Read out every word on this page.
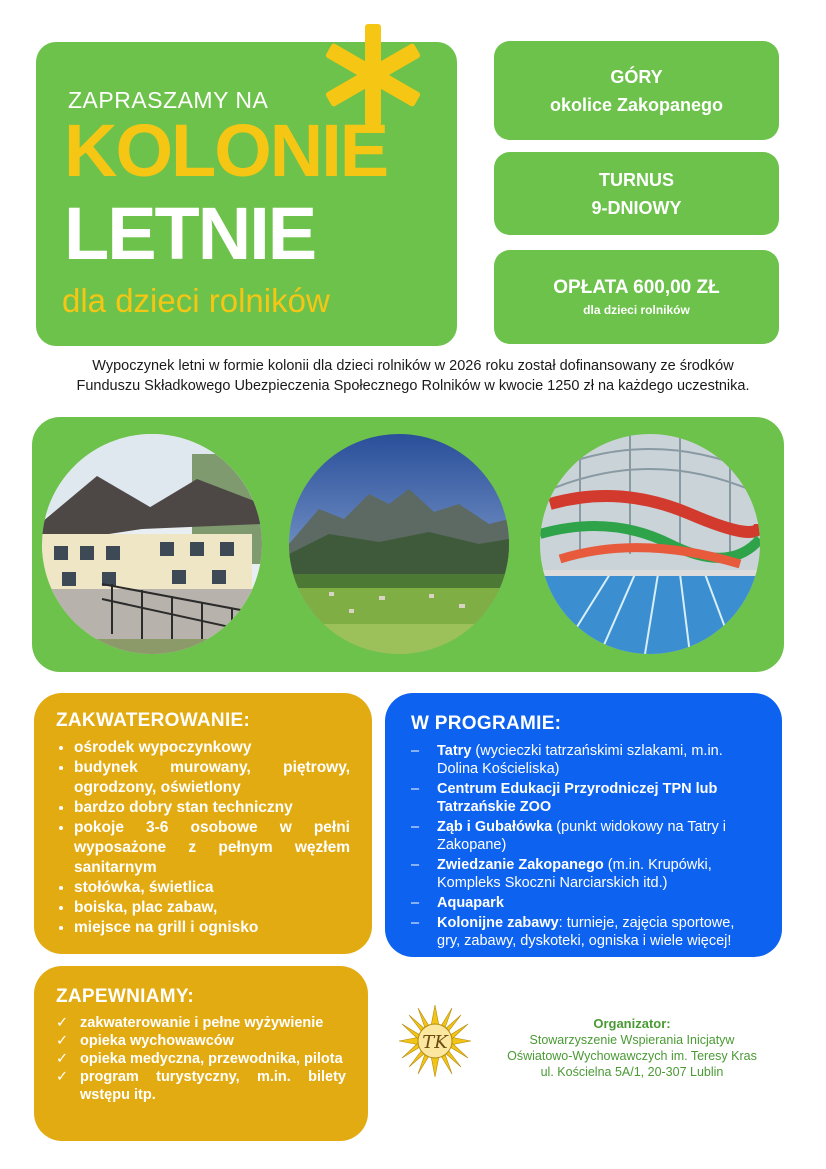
ZAPRASZAMY NA
KOLONIE
LETNIE
dla dzieci rolników
GÓRY
okolice Zakopanego
TURNUS
9-DNIOWY
OPŁATA 600,00 ZŁ
dla dzieci rolników
Wypoczynek letni w formie kolonii dla dzieci rolników w 2026 roku został dofinansowany ze środków
Funduszu Składkowego Ubezpieczenia Społecznego Rolników w kwocie 1250 zł na każdego uczestnika.
ZAKWATEROWANIE:
• ośrodek wypoczynkowy
• budynek murowany, piętrowy, ogrodzony, oświetlony
• bardzo dobry stan techniczny
• pokoje 3-6 osobowe w pełni wyposażone z pełnym węzłem sanitarnym
• stołówka, świetlica
• boiska, plac zabaw,
• miejsce na grill i ognisko
W PROGRAMIE:
– Tatry (wycieczki tatrzańskimi szlakami, m.in. Dolina Kościeliska)
– Centrum Edukacji Przyrodniczej TPN lub Tatrzańskie ZOO
– Ząb i Gubałówka (punkt widokowy na Tatry i Zakopane)
– Zwiedzanie Zakopanego (m.in. Krupówki, Kompleks Skoczni Narciarskich itd.)
– Aquapark
– Kolonijne zabawy: turnieje, zajęcia sportowe, gry, zabawy, dyskoteki, ogniska i wiele więcej!
ZAPEWNIAMY:
✓ zakwaterowanie i pełne wyżywienie
✓ opieka wychowawców
✓ opieka medyczna, przewodnika, pilota
✓ program turystyczny, m.in. bilety wstępu itp.
TK
Organizator:
Stowarzyszenie Wspierania Inicjatyw
Oświatowo-Wychowawczych im. Teresy Kras
ul. Kościelna 5A/1, 20-307 Lublin
